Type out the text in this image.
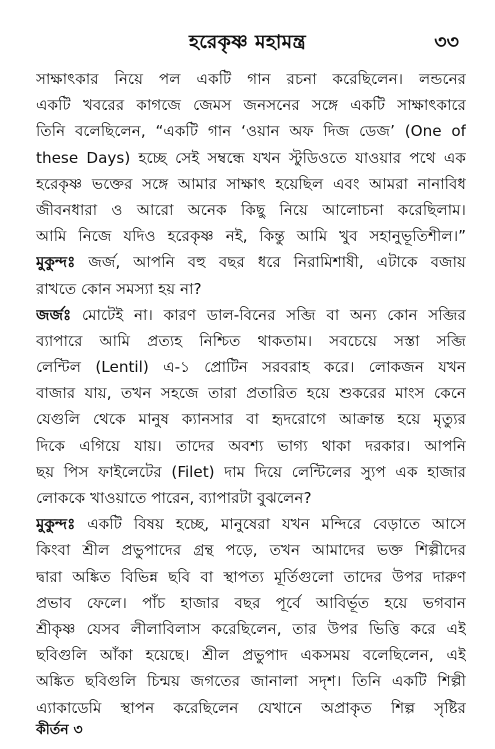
হরেকৃষ্ণ মহামন্ত্র	৩৩
সাক্ষাৎকার নিয়ে পল একটি গান রচনা করেছিলেন। লন্ডনের
একটি খবরের কাগজে জেমস জনসনের সঙ্গে একটি সাক্ষাৎকারে
তিনি বলেছিলেন, “একটি গান ‘ওয়ান অফ দিজ ডেজ’ (One of
these Days) হচ্ছে সেই সম্বন্ধে যখন স্টুডিওতে যাওয়ার পথে এক
হরেকৃষ্ণ ভক্তের সঙ্গে আমার সাক্ষাৎ হয়েছিল এবং আমরা নানাবিধ
জীবনধারা ও আরো অনেক কিছু নিয়ে আলোচনা করেছিলাম।
আমি নিজে যদিও হরেকৃষ্ণ নই, কিন্তু আমি খুব সহানুভূতিশীল।”
মুকুন্দঃ জর্জ, আপনি বহু বছর ধরে নিরামিশাষী, এটাকে বজায়
রাখতে কোন সমস্যা হয় না?
জর্জঃ মোটেই না। কারণ ডাল-বিনের সব্জি বা অন্য কোন সব্জির
ব্যাপারে আমি প্রত্যহ নিশ্চিত থাকতাম। সবচেয়ে সস্তা সব্জি
লেন্টিল (Lentil) এ-১ প্রোটিন সরবরাহ করে। লোকজন যখন
বাজার যায়, তখন সহজে তারা প্রতারিত হয়ে শুকরের মাংস কেনে
যেগুলি থেকে মানুষ ক্যানসার বা হৃদরোগে আক্রান্ত হয়ে মৃত্যুর
দিকে এগিয়ে যায়। তাদের অবশ্য ভাগ্য থাকা দরকার। আপনি
ছয় পিস ফাইলেটের (Filet) দাম দিয়ে লেন্টিলের স্যুপ এক হাজার
লোককে খাওয়াতে পারেন, ব্যাপারটা বুঝলেন?
মুকুন্দঃ একটি বিষয় হচ্ছে, মানুষেরা যখন মন্দিরে বেড়াতে আসে
কিংবা শ্রীল প্রভুপাদের গ্রন্থ পড়ে, তখন আমাদের ভক্ত শিল্পীদের
দ্বারা অঙ্কিত বিভিন্ন ছবি বা স্থাপত্য মূর্তিগুলো তাদের উপর দারুণ
প্রভাব ফেলে। পাঁচ হাজার বছর পূর্বে আবির্ভূত হয়ে ভগবান
শ্রীকৃষ্ণ যেসব লীলাবিলাস করেছিলেন, তার উপর ভিত্তি করে এই
ছবিগুলি আঁকা হয়েছে। শ্রীল প্রভুপাদ একসময় বলেছিলেন, এই
অঙ্কিত ছবিগুলি চিন্ময় জগতের জানালা সদৃশ। তিনি একটি শিল্পী
এ্যাকাডেমি স্থাপন করেছিলেন যেখানে অপ্রাকৃত শিল্প সৃষ্টির
কীর্তন ৩
